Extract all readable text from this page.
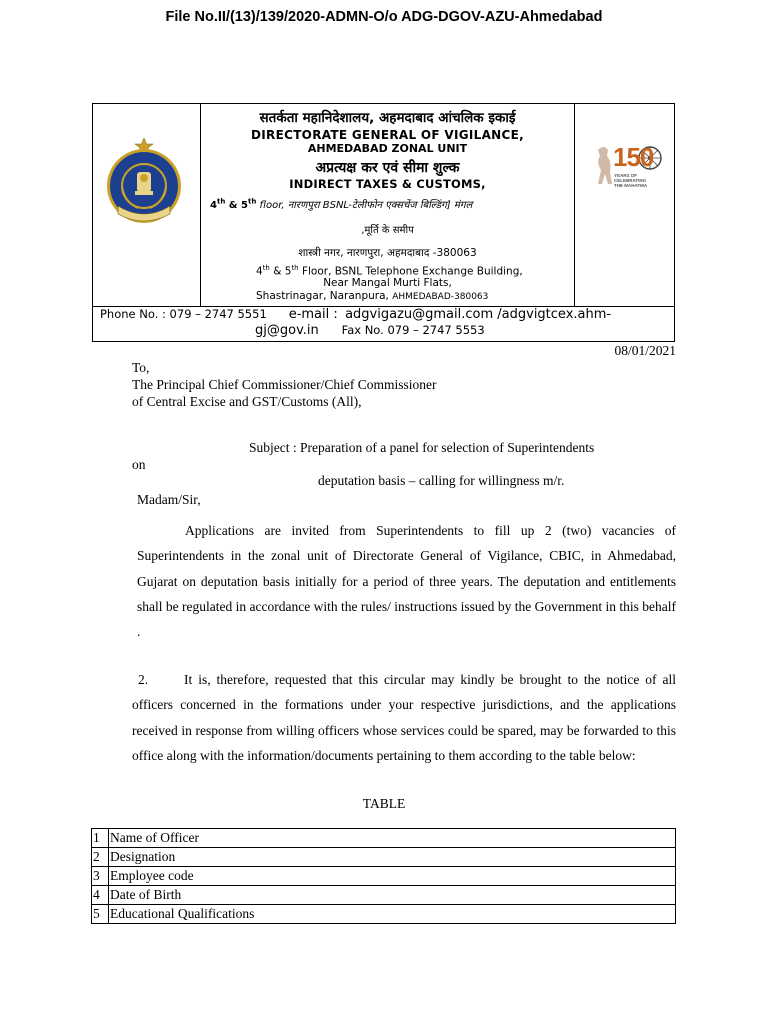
File No.II/(13)/139/2020-ADMN-O/o ADG-DGOV-AZU-Ahmedabad
150
YEARS OF
CELEBRATING
THE MAHATMA
सतर्कता महानिदेशालय, अहमदाबाद आंचलिक इकाई
DIRECTORATE GENERAL OF VIGILANCE,
AHMEDABAD ZONAL UNIT
अप्रत्यक्ष कर एवं सीमा शुल्क
INDIRECT TAXES & CUSTOMS,
4th & 5th floor, नारणपुरा BSNL-टेलीफोन एक्सचेंज बिल्डिंग] मंगल
,मूर्ति के समीप
शास्त्री नगर, नारणपुरा, अहमदाबाद -380063
4th & 5th Floor, BSNL Telephone Exchange Building,
Near Mangal Murti Flats,
Shastrinagar, Naranpura, AHMEDABAD-380063
Phone No. : 079 – 2747 5551 e-mail : adgvigazu@gmail.com /adgvigtcex.ahm-
gj@gov.in Fax No. 079 – 2747 5553
08/01/2021
To,
The Principal Chief Commissioner/Chief Commissioner
of Central Excise and GST/Customs (All),
Subject : Preparation of a panel for selection of Superintendents
on
deputation basis – calling for willingness m/r.
Madam/Sir,
Applications are invited from Superintendents to fill up 2 (two) vacancies of Superintendents in the zonal unit of Directorate General of Vigilance, CBIC, in Ahmedabad, Gujarat on deputation basis initially for a period of three years. The deputation and entitlements shall be regulated in accordance with the rules/ instructions issued by the Government in this behalf .
2.	It is, therefore, requested that this circular may kindly be brought to the notice of all officers concerned in the formations under your respective jurisdictions, and the applications received in response from willing officers whose services could be spared, may be forwarded to this office along with the information/documents pertaining to them according to the table below:
TABLE
1	Name of Officer
2	Designation
3	Employee code
4	Date of Birth
5	Educational Qualifications
